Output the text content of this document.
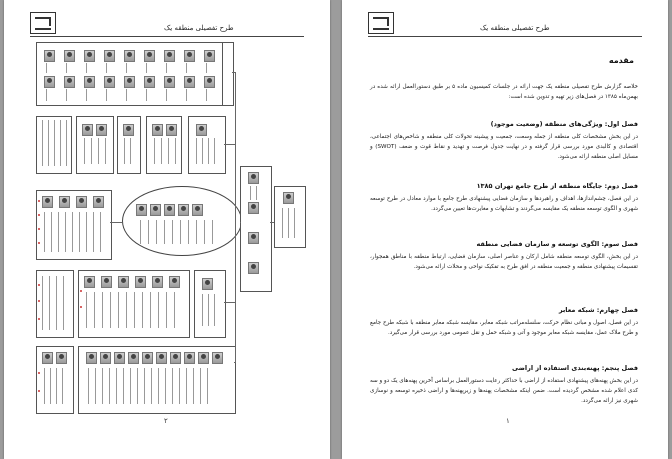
طرح تفصیلی منطقه یک
۲
طرح تفصیلی منطقه یک
مقدمه
خلاصه گزارش طرح تفصیلی منطقه یک جهت ارائه در جلسات کمیسیون ماده ۵ بر طبق دستورالعمل ارائه شده در بهمن‌ماه ۱۳۸۵ در فصل‌های زیر تهیه و تدوین شده است:
فصل اول: ویژگی‌های منطقه (وضعیت موجود)
در این بخش مشخصات کلی منطقه از جمله وسعت، جمعیت و پیشینه تحولات کلی منطقه و شاخص‌های اجتماعی، اقتصادی و کالبدی مورد بررسی قرار گرفته و در نهایت جدول فرصت و تهدید و نقاط قوت و ضعف (SWOT) و مسایل اصلی منطقه ارائه می‌شود.
فصل دوم: جایگاه منطقه از طرح جامع تهران ۱۳۸۵
در این فصل، چشم‌اندازها، اهداف و راهبردها و سازمان فضایی پیشنهادی طرح جامع با موارد معادل در طرح توسعه شهری و الگوی توسعه منطقه یک مقایسه می‌گردند و تشابهات و مغایرت‌ها تعیین می‌گردد.
فصل سوم: الگوی توسعه و سازمان فضایی منطقه
در این بخش، الگوی توسعه منطقه شامل ارکان و عناصر اصلی، سازمان فضایی، ارتباط منطقه با مناطق همجوار، تقسیمات پیشنهادی منطقه و جمعیت منطقه در افق طرح به تفکیک نواحی و محلات ارائه می‌شود.
فصل چهارم: شبکه معابر
در این فصل، اصول و مبانی نظام حرکت، سلسله‌مراتب شبکه معابر، مقایسه شبکه معابر منطقه با شبکه طرح جامع و طرح ملاک عمل، مقایسه شبکه معابر موجود و آتی و شبکه حمل و نقل عمومی مورد بررسی قرار می‌گیرد.
فصل پنجم: پهنه‌بندی استفاده از اراضی
در این بخش پهنه‌های پیشنهادی استفاده از اراضی با حداکثر رعایت دستورالعمل براساس آخرین پهنه‌های یک دو و سه کدی اعلام شده مشخص گردیده است. ضمن اینکه مشخصات پهنه‌ها و زیرپهنه‌ها و اراضی ذخیره توسعه و نوسازی شهری نیز ارائه می‌گردد.
۱
